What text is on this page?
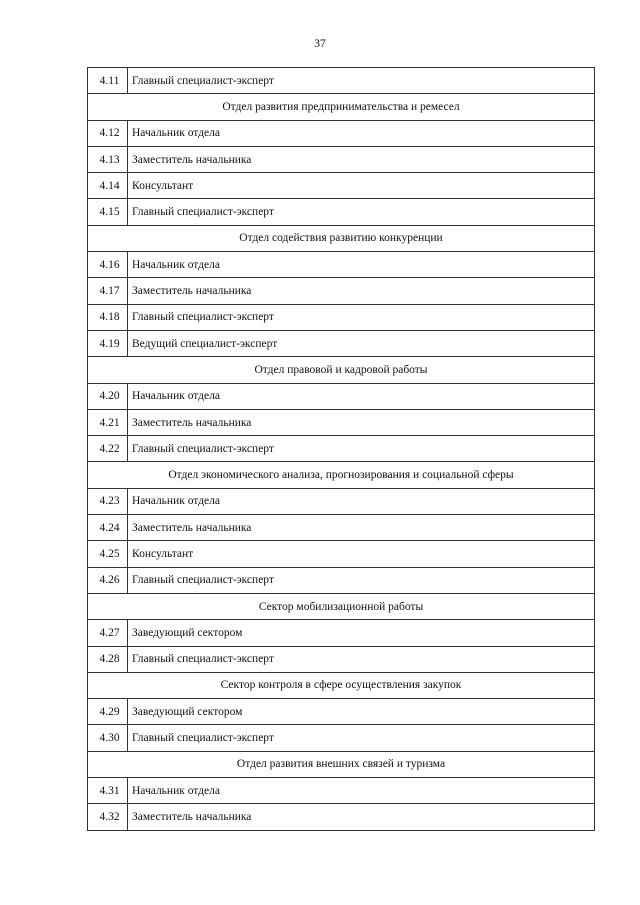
37
4.11	Главный специалист-эксперт
Отдел развития предпринимательства и ремесел	
4.12	Начальник отдела
4.13	Заместитель начальника
4.14	Консультант
4.15	Главный специалист-эксперт
Отдел содействия развитию конкуренции	
4.16	Начальник отдела
4.17	Заместитель начальника
4.18	Главный специалист-эксперт
4.19	Ведущий специалист-эксперт
Отдел правовой и кадровой работы	
4.20	Начальник отдела
4.21	Заместитель начальника
4.22	Главный специалист-эксперт
Отдел экономического анализа, прогнозирования и социальной сферы	
4.23	Начальник отдела
4.24	Заместитель начальника
4.25	Консультант
4.26	Главный специалист-эксперт
Сектор мобилизационной работы	
4.27	Заведующий сектором
4.28	Главный специалист-эксперт
Сектор контроля в сфере осуществления закупок	
4.29	Заведующий сектором
4.30	Главный специалист-эксперт
Отдел развития внешних связей и туризма	
4.31	Начальник отдела
4.32	Заместитель начальника
